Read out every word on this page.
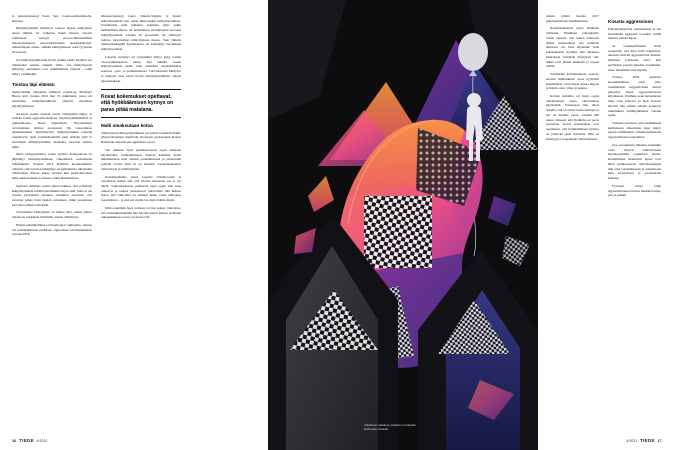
ja lastenpsykologi Saara Salo Laurea-kahdeksikolta. Kirjassa.

Kiintymyssuhde hahmotaa laajasti lapsen kehityksen alusta lähtien. he vaikuttaa muun muassa aivojen toimintaan kykyyn, vuorovaikutusmallien muodostumiseen, persoonallisuuden, tiedonkäsittelyn, tunnetemojen tunne- elämän kehittymiseen sekä fyysiseen terveyteen.

Jos kiintymyssuhteisiin hyvin, kaikki edellä mainittu saa tilaisuuden asettua otkeille urille. Jos kiintymyssen häiriötyy, seuraukset ovat pahimmillaan vakavia – reikä näkyy vanhillekin.

Toistuu läpi elämän

Amsterdamin yliopiston kliinisen psykologi Machteld Hoeve käri vuonna 2012 läpi 74 tutkimusta, joissa oli tarkasteltu kiintymyssuhteen yhteyttä rikollisen käyttäytymiseen.

Analyysi osoitti, etteivät varsin vaihemyhin näkyy se varhain lasten aggressiivisuutena, käyttäytymishäiriöinä ja pikkurikkoina, kuten näpistelynä. Nuoruusiässä turvattomuus altistaa puolestaan yhä vakavampaa rikollisuutenna. Kiintymystyö kiintymyssuhde odyntää vaikuttavan vielä voimakkaammin kuin isäävän yhtä tv turvallisen kiintymyssuhdse rikoksilta, turvaton altistaa niille.

Myös kiittypyskoulaa Claire Ogilvie kollegoineen on jäljittänyt kiintymyssuhdeen vaikutuksen sosiaaliseen tutkimuksiin. Vuonna 2014 kiälletun koontitutkimus vahvisti, että turvaton kiintymys on kytköksissä rikolisuhta vähiivaluan. Yhteys näkyy selvästi niin perheväkivaltaa kuin seksuaaalisena ja muissa väkivaltarikoksissa.

Ogilvien tutkimus osoitti ennen kaikkea, että varhainen kiintymyssuhde selittää rikollisuutta myös sillä, joilla ei ole todettu psyykkistä sairautta. Aiemmin oletettiin, että turvaton suhde lisää mielen sairauksia, mikä puolestaan kasvattaa alttiutta rikoksiin.

Turvaamista kiintymystä on kuilua lajia. toinen johtaa altistuvan asiakkeen riistättään, toinen vähteltyyn.

Näissä esmmmallinen on huomoupat vaihtoehto., huutaa vie todennäköisesti vankilaan, ragrottanat larvalaisturkikiat vuonna 2018.

Oikeuspsykologi Laura Simons-Vigante ja Istanti kiintymyssuhde soto sadan minvongkin kiintymyssuhetta. Useamudsta kuin kahdesta koimena tyhyt pahin mahdollinen muoto oli ahdistuneen itseitiittaanni turvaton kiintymyssuhde. Lisäksi 20 prosentilla oli vihtelyyn johtava turvattoman kiintymyksen muoto. Vain yhdelle väkivaltanaingillä kymmenestä oli kehittynyt turvallinen kiintymyssuhde.

Lapsena syntynyt tai syntymättä jäänyt kyky toimia vuorovaikutuksessa näkyy läpi elämän, koska kiintymyssuhde ikään kuin uusiintuu myöhemminsä seurassa ..pari- ja perhesuhteessa. Turvattomasti kiintynyt ei helposti osaa luoda hyvää kiintymyssuhdetta omaan lapseensakaan.

Kovat kokemukset opettavat, että hyökkäämisen kynnys on paras pitää matalana.
Malli omaksutaan kotoa

Väkivallan kehän pyörittäminen jaa selitää toisenkin mallit, yhdeyvaltalainen titanfördn yliopiston psykologien Robert Bandurun uskoaili-sen oppimisen toorta.

Sen mukaan lapsi yksinkertaisesti oppii tuhotaan käyttömallia vanhemmiltaan. Kaltoin kohdeltu holua ankiriuutuaan asiat omassa parisuhteesaan ja perheessän samalla tavalla kuin ne on hoidettu lapsuudenkodissa väkivallosta ja laimintlyöten.

Kaltoinkohtelija tarina lapselle väistätyvonin ja vaarallisen mallin silä, että irlosile itsestselle saa ja voi tehdä. Väkivaltaaisessa perheessä lapsi oppii, että asiat ratkeavat je tuntest purkautuvat väkivalalla, hän hoksaa myös, että väkivaltia on tehokas keino saada tahtoonsa toteutumaan – ja että sen avulla voi myös hallita muita.

Mitä enemmän lapsi todistaa tai itse kokee väkivaltaa, sitä todennäköisemmin hän käyttää samaa keinoa aisiöiden ratkaisemiseen, toteaa professori Wi-

16 TIEDE 4/2021
Arkaluinen asiaiteen sisältöä on halpaati kaiherisan loaskaa.

domin ryhmä vuonna 2017 julkaisemassaan tutkimuksessa.

Kaltoinkohteluan myös henkinen väkivalta. Henkinen pahoinpitely viestii lapselle, että toinen tuntotejia miden ilmaisemista aaa kohdella huonosti. Jos lasta käytetään vielä seksuaalisesti hyväksi, hän omaksuu käsityksen värittävät käsitykset sitä, mitkä oval jättinä aikuisten ja lapsen välillä.

Yöpäkkiän kaltoinkohtelu opettaa, etteivät ihmissuhteet tuota nyytöntiä kokemuksia, vaan niissä seuraa kippua ja ihärää, ettei, vihaa ja pelkoa.

Kaltoin kohdeltu voi myös oppia oikeuttamaan omaa väkivaltaista käytöstään. Varttuuaan hän alkaa ajatella, että on oman osansa kiintyjä ja nyt on muiden vuoro. Lisäksi hän uskoo vahaasti, että hyökkäys on paras puolustus. Kovat kokemukset ovat opettaneet, että hyökkäämisen kynnys on järkevää pitää matalana. Hän on lerkityynyt reagoimaan väkivaltaisesti.

Kivusta aggressioon

Pahoinpidellylvisi asiutioaineen ja sen herättämän aggressiö toosiden välillä maitesa judeen kipua.

Ar vaasiikymmenää sitten osoitettiin, että kipu lisää reaktivista, takaisin takevää aggressiivista muusta. Ilmeinen jokaiselle tutta: kun perähahen yarjaan kipeästi evepäkiinn, iskee mielellään oma myöllä.

Vuonna 2004 julkaistu koonttutkimuus osoit esilo ruonhiitohen neggatiivisten suuraa yhteyden lasten aggressiivoiseen käytökseen, löydökse asuu kanaalutaan tehje Jean Durrant ja Ron Ensoon kävivät läpi kaikki arheita koskevat tutkimukset parinkymmenen vuoden ajalta.

Tulokset osoittivat, että ruumiillinen kuritukseen aiheuttama kipu näkyy lapsen välittömästi, reflektionomaisena aggressiivisena reagointina.

Osa sourauksista lähemee kuitenkin vasta vilpasti väkivaltaisten käyttäytymallin oppimisen kautta. Ruumiiliisen rikurituksi lapset ovat läfen pedikavaisetta väkivaltaisempia niin oma vertaiumpiaan ja omaisksaan kuin kavereitaan ja puolisoitaan kohtaan.

Fyysisen kivun lailla aggressiivisuutta lietsoo henkinen kipu, jota ja pelkkä

4/2021 TIEDE 17
